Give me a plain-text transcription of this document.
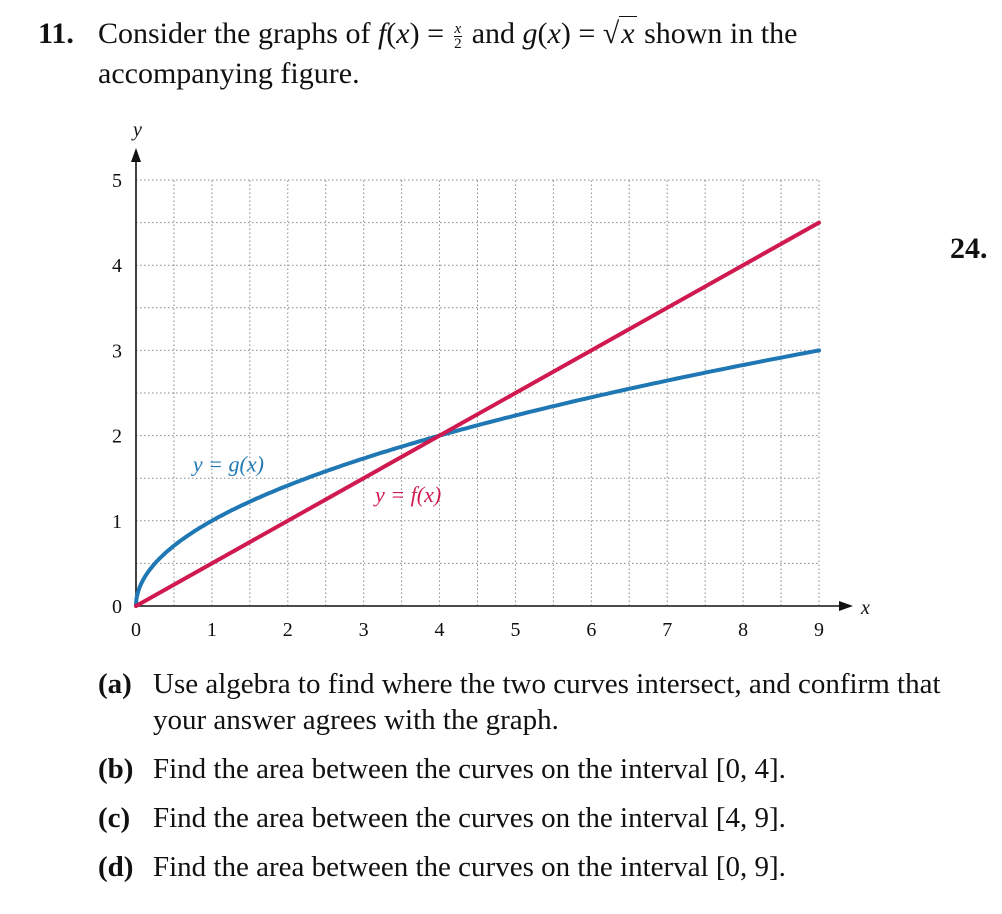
11. Consider the graphs of $f(x) = \frac{x}{2}$ and g(x) = √x shown in the accompanying figure.
24.
0	1	2	3	4	5	6	7	8	9
0
1
2
3
4
5
x
y
y = g(x)
y = f(x)
(a) Use algebra to find where the two curves intersect, and confirm that your answer agrees with the graph.
(b) Find the area between the curves on the interval [0, 4].
(c) Find the area between the curves on the interval [4, 9].
(d) Find the area between the curves on the interval [0, 9].
